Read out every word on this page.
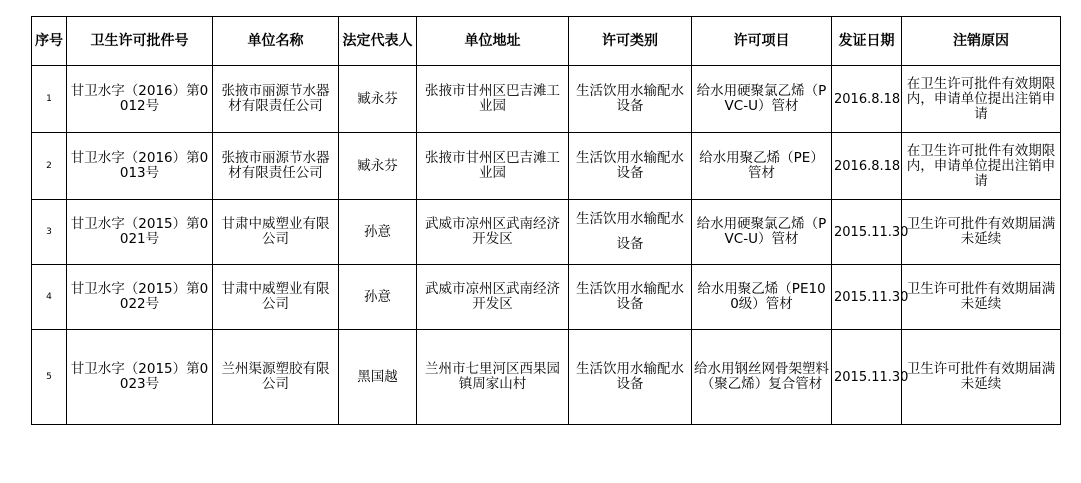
序号	卫生许可批件号	单位名称	法定代表人	单位地址	许可类别	许可项目	发证日期	注销原因
1	甘卫水字（2016）第0012号	张掖市丽源节水器材有限责任公司	臧永芬	张掖市甘州区巴吉滩工业园	生活饮用水输配水设备	给水用硬聚氯乙烯（PVC-U）管材	2016.8.18	在卫生许可批件有效期限内，申请单位提出注销申请
2	甘卫水字（2016）第0013号	张掖市丽源节水器材有限责任公司	臧永芬	张掖市甘州区巴吉滩工业园	生活饮用水输配水设备	给水用聚乙烯（PE）管材	2016.8.18	在卫生许可批件有效期限内，申请单位提出注销申请
3	甘卫水字（2015）第0021号	甘肃中威塑业有限公司	孙意	武威市凉州区武南经济开发区	生活饮用水输配水设备	给水用硬聚氯乙烯（PVC-U）管材	2015.11.30	卫生许可批件有效期届满未延续
4	甘卫水字（2015）第0022号	甘肃中威塑业有限公司	孙意	武威市凉州区武南经济开发区	生活饮用水输配水设备	给水用聚乙烯（PE100级）管材	2015.11.30	卫生许可批件有效期届满未延续
5	甘卫水字（2015）第0023号	兰州渠源塑胶有限公司	黑国越	兰州市七里河区西果园镇周家山村	生活饮用水输配水设备	给水用钢丝网骨架塑料（聚乙烯）复合管材	2015.11.30	卫生许可批件有效期届满未延续
